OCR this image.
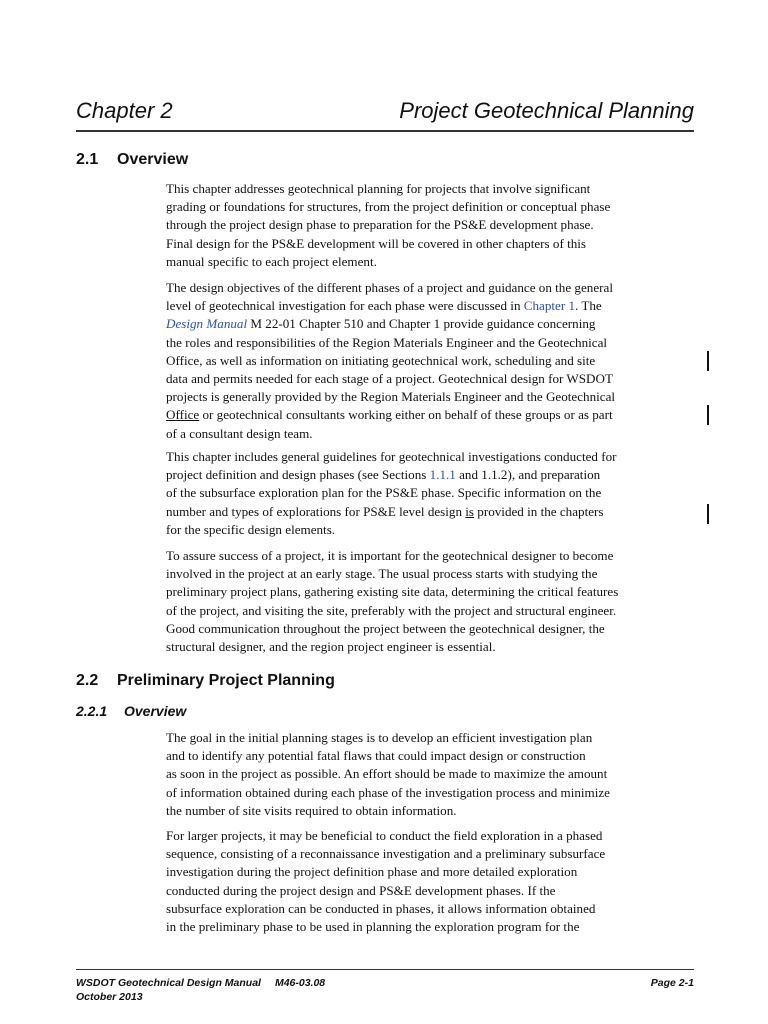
Chapter 2	Project Geotechnical Planning
2.1 Overview
This chapter addresses geotechnical planning for projects that involve significant
grading or foundations for structures, from the project definition or conceptual phase
through the project design phase to preparation for the PS&E development phase.
Final design for the PS&E development will be covered in other chapters of this
manual specific to each project element.
The design objectives of the different phases of a project and guidance on the general
level of geotechnical investigation for each phase were discussed in Chapter 1. The
Design Manual M 22-01 Chapter 510 and Chapter 1 provide guidance concerning
the roles and responsibilities of the Region Materials Engineer and the Geotechnical
Office, as well as information on initiating geotechnical work, scheduling and site
data and permits needed for each stage of a project. Geotechnical design for WSDOT
projects is generally provided by the Region Materials Engineer and the Geotechnical
Office or geotechnical consultants working either on behalf of these groups or as part
of a consultant design team.
This chapter includes general guidelines for geotechnical investigations conducted for
project definition and design phases (see Sections 1.1.1 and 1.1.2), and preparation
of the subsurface exploration plan for the PS&E phase. Specific information on the
number and types of explorations for PS&E level design is provided in the chapters
for the specific design elements.
To assure success of a project, it is important for the geotechnical designer to become
involved in the project at an early stage. The usual process starts with studying the
preliminary project plans, gathering existing site data, determining the critical features
of the project, and visiting the site, preferably with the project and structural engineer.
Good communication throughout the project between the geotechnical designer, the
structural designer, and the region project engineer is essential.
2.2 Preliminary Project Planning
2.2.1 Overview
The goal in the initial planning stages is to develop an efficient investigation plan
and to identify any potential fatal flaws that could impact design or construction
as soon in the project as possible. An effort should be made to maximize the amount
of information obtained during each phase of the investigation process and minimize
the number of site visits required to obtain information.
For larger projects, it may be beneficial to conduct the field exploration in a phased
sequence, consisting of a reconnaissance investigation and a preliminary subsurface
investigation during the project definition phase and more detailed exploration
conducted during the project design and PS&E development phases. If the
subsurface exploration can be conducted in phases, it allows information obtained
in the preliminary phase to be used in planning the exploration program for the
WSDOT Geotechnical Design Manual M46-03.08	Page 2-1
October 2013
